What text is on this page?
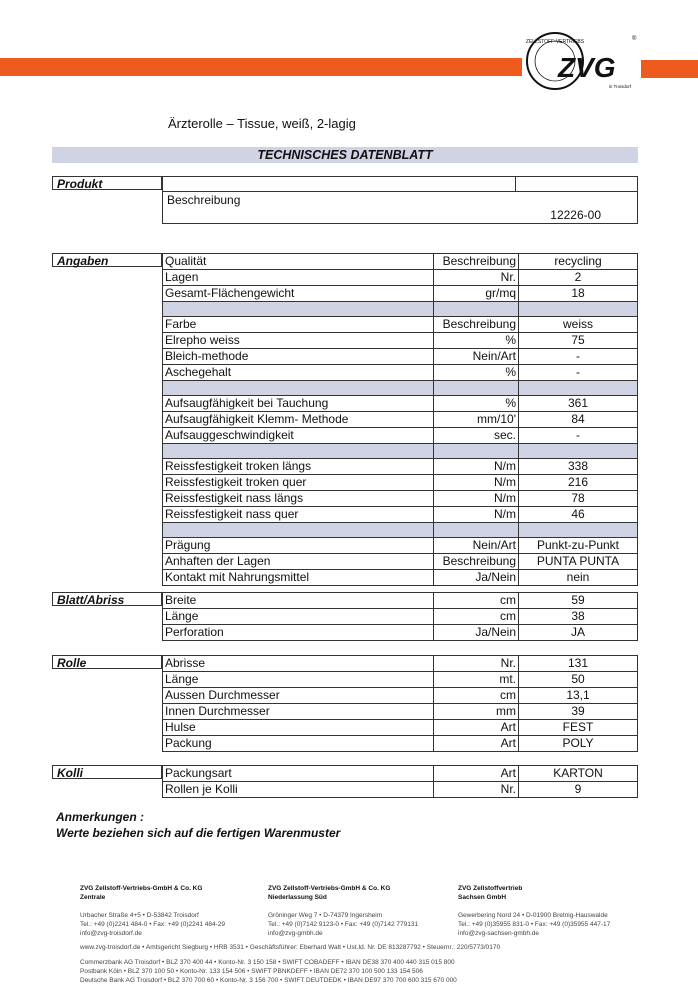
ZELLSTOFF-VERTRIEBS
ZVG
in Troisdorf
®
Ärzterolle – Tissue, weiß, 2-lagig
TECHNISCHES DATENBLATT
Produkt
Beschreibung
12226-00
Angaben	Qualität	Beschreibung	recycling
Lagen	Nr.	2
Gesamt-Flächengewicht	gr/mq	18

Farbe	Beschreibung	weiss
Elrepho weiss	%	75
Bleich-methode	Nein/Art	-
Aschegehalt	%	-

Aufsaugfähigkeit bei Tauchung	%	361
Aufsaugfähigkeit Klemm- Methode	mm/10'	84
Aufsauggeschwindigkeit	sec.	-

Reissfestigkeit troken längs	N/m	338
Reissfestigkeit troken quer	N/m	216
Reissfestigkeit nass längs	N/m	78
Reissfestigkeit nass quer	N/m	46

Prägung	Nein/Art	Punkt-zu-Punkt
Anhaften der Lagen	Beschreibung	PUNTA PUNTA
Kontakt mit Nahrungsmittel	Ja/Nein	nein
Blatt/Abriss	Breite	cm	59
Länge	cm	38
Perforation	Ja/Nein	JA
Rolle	Abrisse	Nr.	131
Länge	mt.	50
Aussen Durchmesser	cm	13,1
Innen Durchmesser	mm	39
Hulse	Art	FEST
Packung	Art	POLY
Kolli	Packungsart	Art	KARTON
Rollen je Kolli	Nr.	9
Anmerkungen :
Werte beziehen sich auf die fertigen Warenmuster
ZVG Zellstoff-Vertriebs-GmbH & Co. KG
Zentrale

Urbacher Straße 4+5 • D-53842 Troisdorf
Tel.: +49 (0)2241 484-0 • Fax: +49 (0)2241 484-29
info@zvg-troisdorf.de
ZVG Zellstoff-Vertriebs-GmbH & Co. KG
Niederlassung Süd

Gröninger Weg 7 • D-74379 Ingersheim
Tel.: +49 (0)7142 9123-0 • Fax: +49 (0)7142 779131
info@zvg-gmbh.de
ZVG Zellstoffvertrieb
Sachsen GmbH

Gewerbering Nord 24 • D-01900 Bretnig-Hauswalde
Tel.: +49 (0)35955 831-0 • Fax: +49 (0)35955 447-17
info@zvg-sachsen-gmbh.de
www.zvg-troisdorf.de • Amtsgericht Siegburg • HRB 3531 • Geschäftsführer: Eberhard Walt • Ust.Id. Nr. DE 813287792 • Steuernr.: 220/5773/0170
Commerzbank AG Troisdorf • BLZ 370 400 44 • Konto-Nr. 3 150 158 • SWIFT COBADEFF • IBAN DE38 370 400 440 315 015 800
Postbank Köln • BLZ 370 100 50 • Konto-Nr. 133 154 506 • SWIFT PBNKDEFF • IBAN DE72 370 100 500 133 154 506
Deutsche Bank AG Troisdorf • BLZ 370 700 60 • Konto-Nr. 3 156 700 • SWIFT DEUTDEDK • IBAN DE97 370 700 600 315 670 000
